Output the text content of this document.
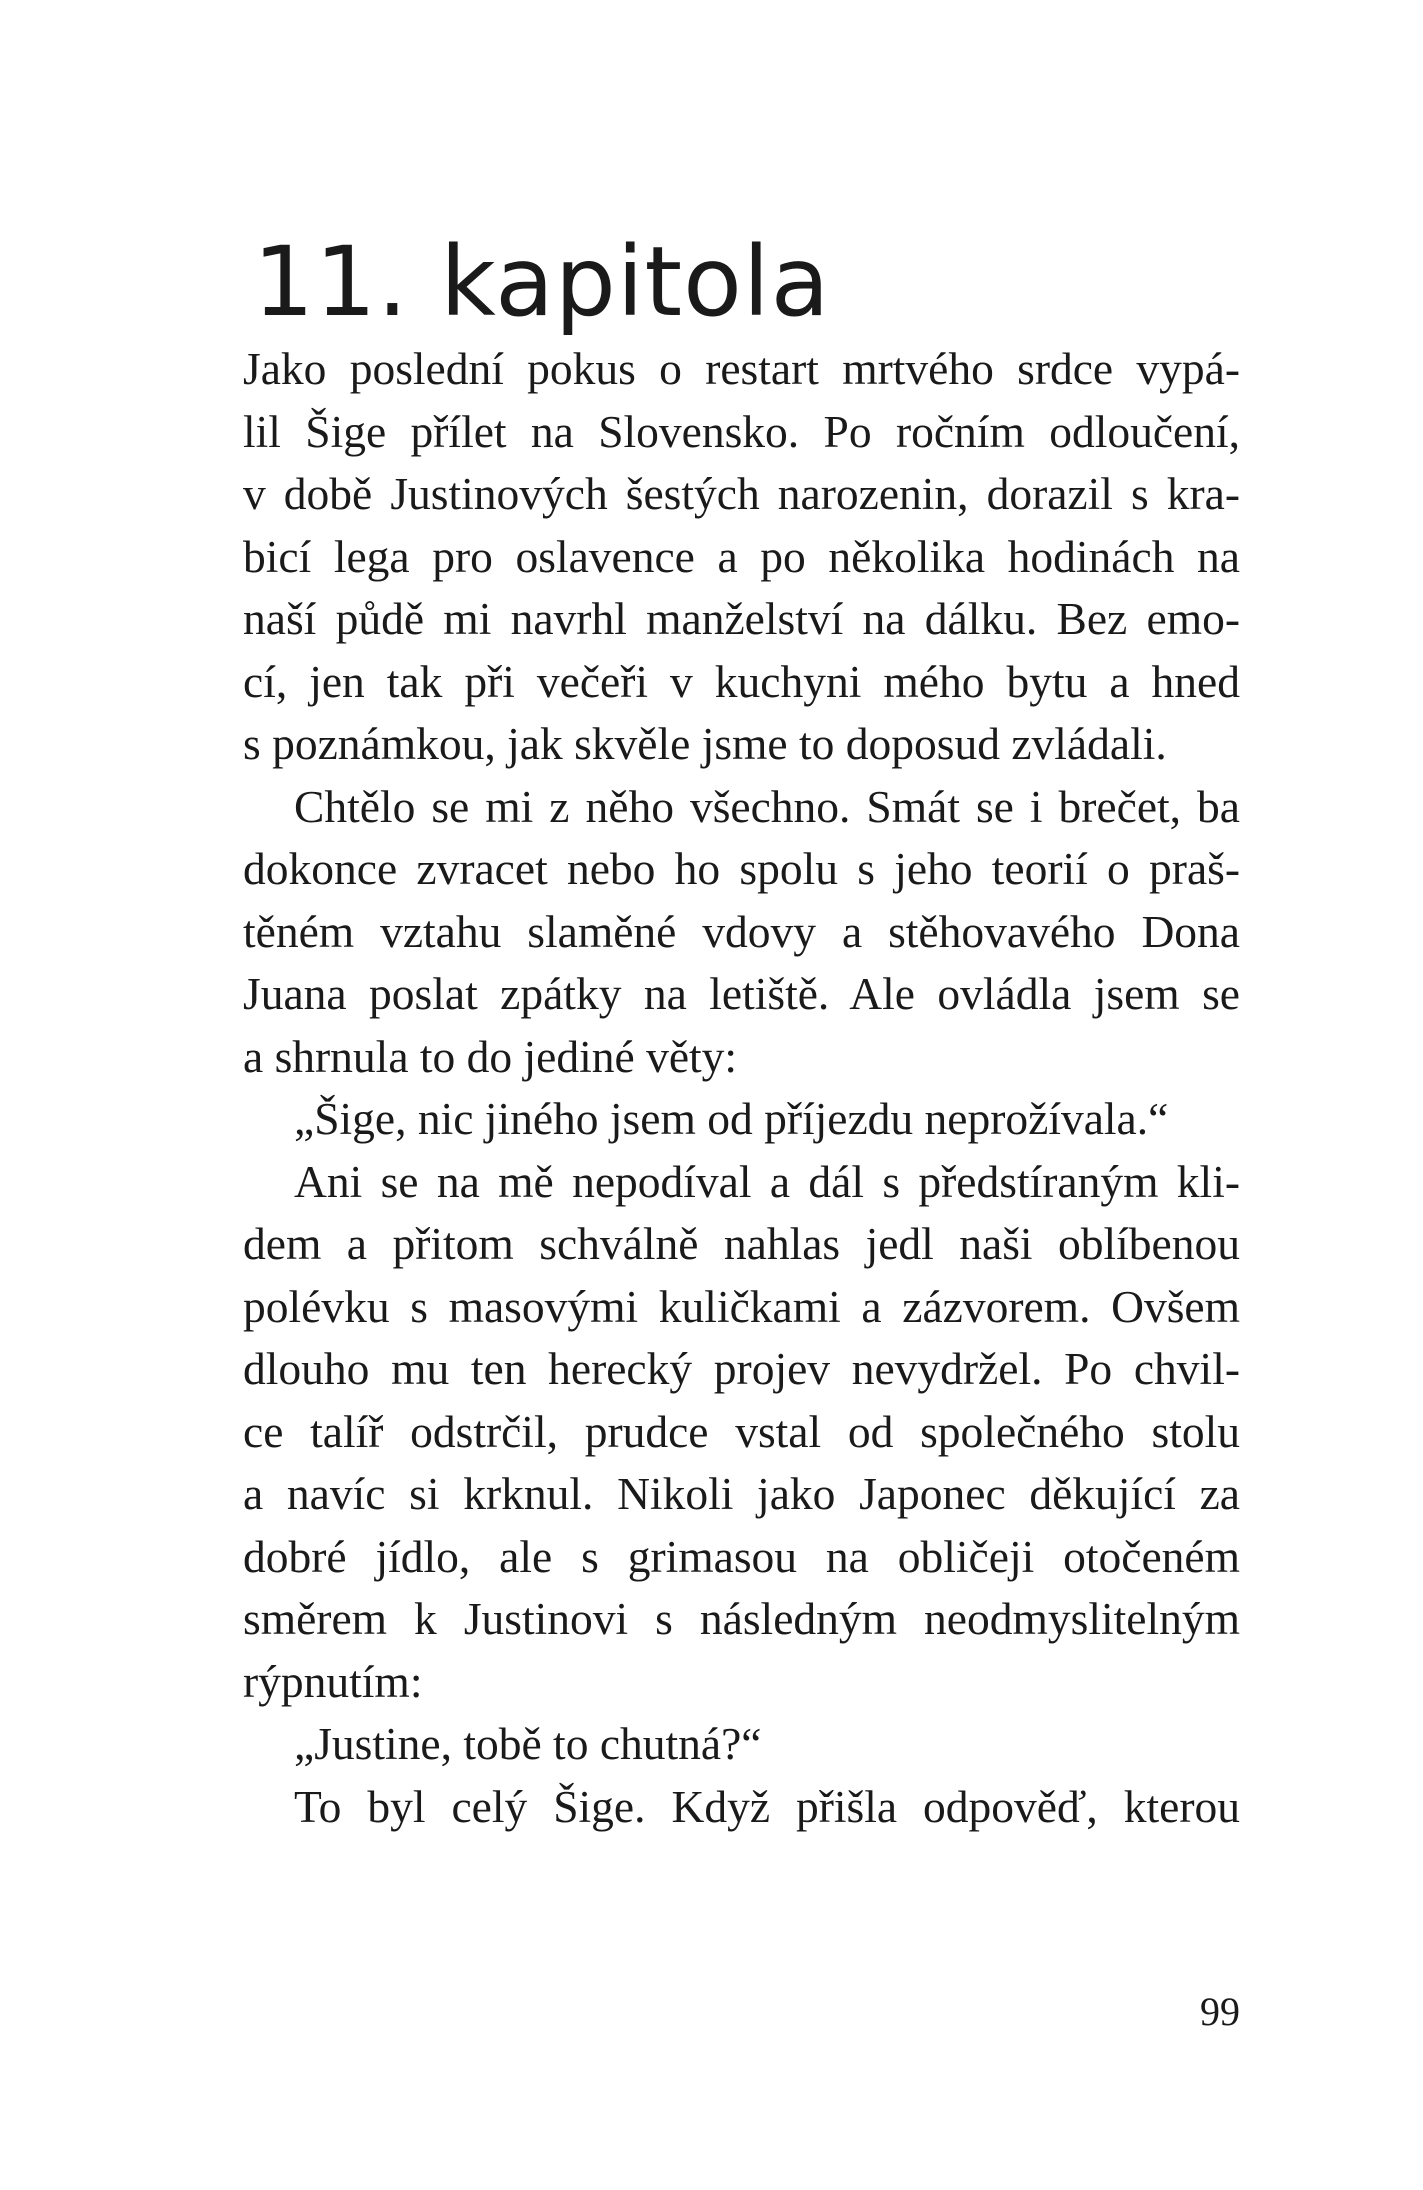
11. kapitola
Jako poslední pokus o restart mrtvého srdce vypá-
lil Šige přílet na Slovensko. Po ročním odloučení,
v době Justinových šestých narozenin, dorazil s kra-
bicí lega pro oslavence a po několika hodinách na
naší půdě mi navrhl manželství na dálku. Bez emo-
cí, jen tak při večeři v kuchyni mého bytu a hned
s poznámkou, jak skvěle jsme to doposud zvládali.
Chtělo se mi z něho všechno. Smát se i brečet, ba
dokonce zvracet nebo ho spolu s jeho teorií o praš-
těném vztahu slaměné vdovy a stěhovavého Dona
Juana poslat zpátky na letiště. Ale ovládla jsem se
a shrnula to do jediné věty:
„Šige, nic jiného jsem od příjezdu neprožívala.“
Ani se na mě nepodíval a dál s předstíraným kli-
dem a přitom schválně nahlas jedl naši oblíbenou
polévku s masovými kuličkami a zázvorem. Ovšem
dlouho mu ten herecký projev nevydržel. Po chvil-
ce talíř odstrčil, prudce vstal od společného stolu
a navíc si krknul. Nikoli jako Japonec děkující za
dobré jídlo, ale s grimasou na obličeji otočeném
směrem k Justinovi s následným neodmyslitelným
rýpnutím:
„Justine, tobě to chutná?“
To byl celý Šige. Když přišla odpověď, kterou
99
